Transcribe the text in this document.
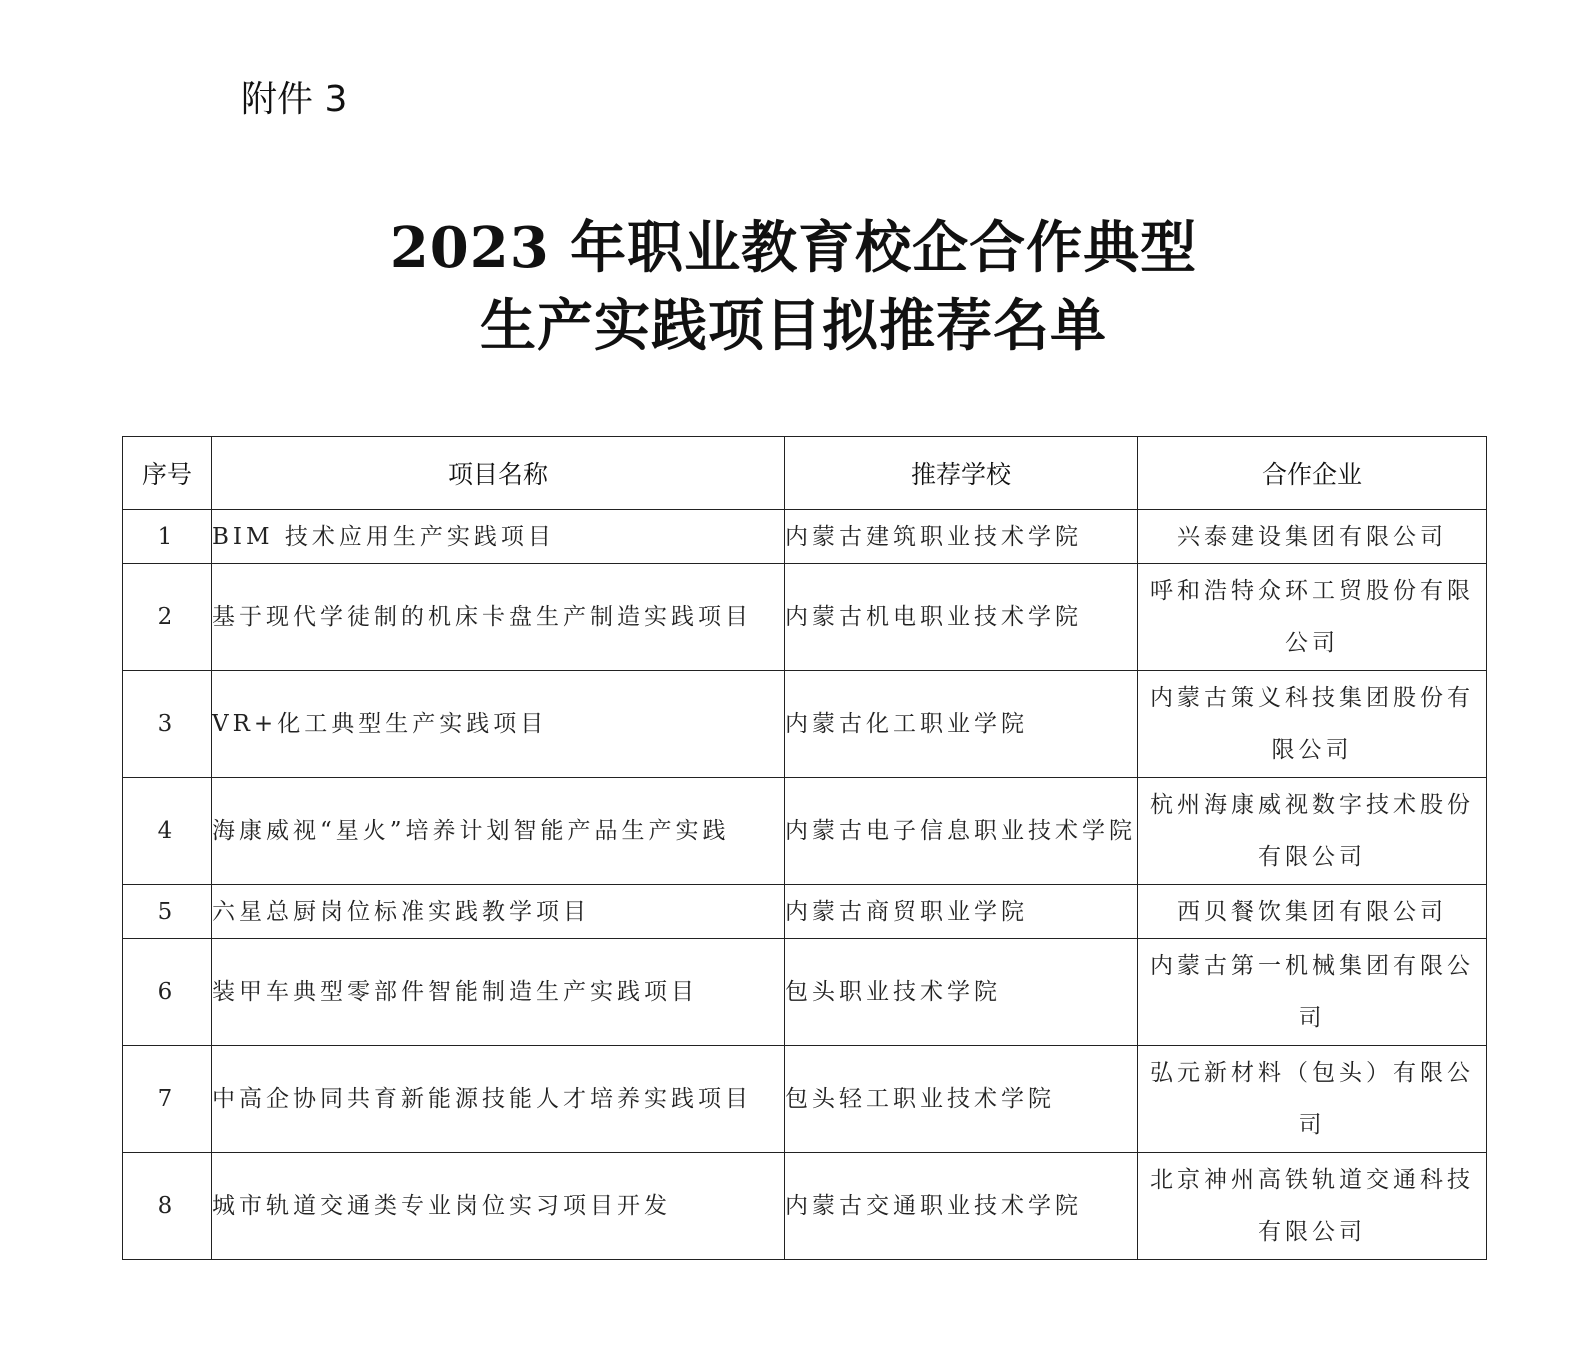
附件 3
2023 年职业教育校企合作典型
生产实践项目拟推荐名单
序号	项目名称	推荐学校	合作企业
1	BIM 技术应用生产实践项目	内蒙古建筑职业技术学院	兴泰建设集团有限公司
2	基于现代学徒制的机床卡盘生产制造实践项目	内蒙古机电职业技术学院	呼和浩特众环工贸股份有限公司
3	VR+化工典型生产实践项目	内蒙古化工职业学院	内蒙古策义科技集团股份有限公司
4	海康威视“星火”培养计划智能产品生产实践	内蒙古电子信息职业技术学院	杭州海康威视数字技术股份有限公司
5	六星总厨岗位标准实践教学项目	内蒙古商贸职业学院	西贝餐饮集团有限公司
6	装甲车典型零部件智能制造生产实践项目	包头职业技术学院	内蒙古第一机械集团有限公司
7	中高企协同共育新能源技能人才培养实践项目	包头轻工职业技术学院	弘元新材料（包头）有限公司
8	城市轨道交通类专业岗位实习项目开发	内蒙古交通职业技术学院	北京神州高铁轨道交通科技有限公司
